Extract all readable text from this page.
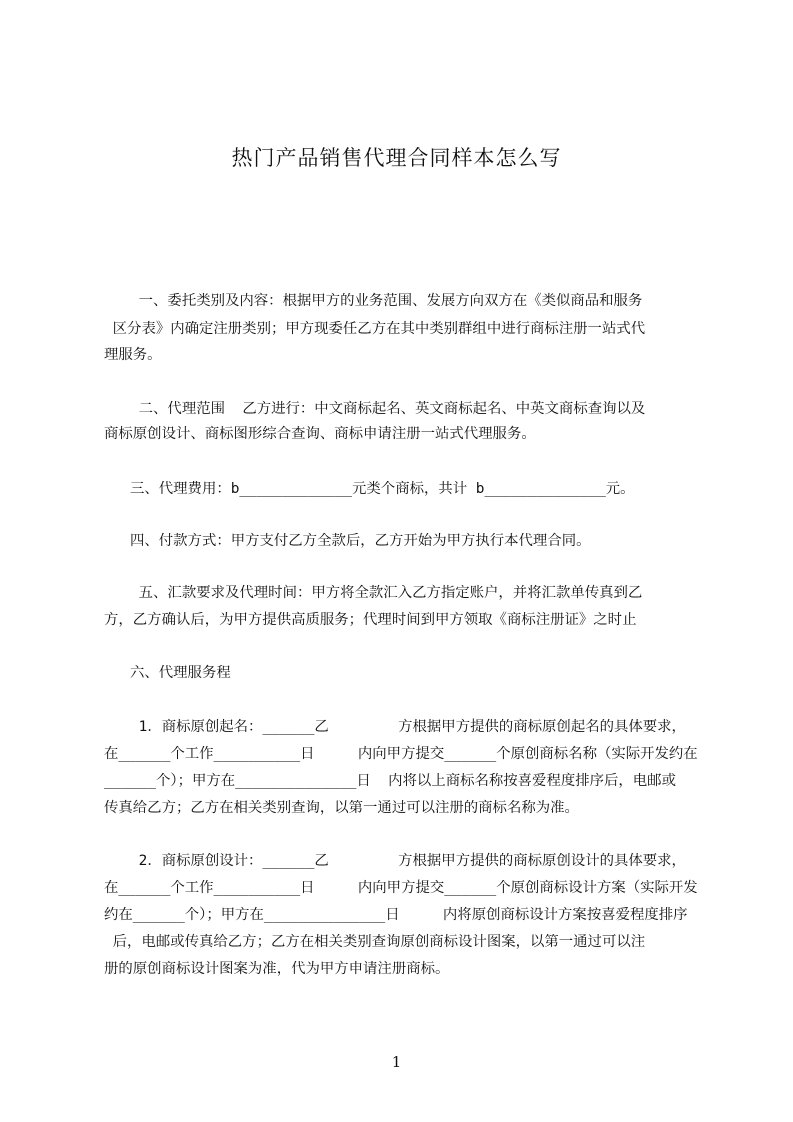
热门产品销售代理合同样本怎么写
一、委托类别及内容：根据甲方的业务范围、发展方向双方在《类似商品和服务
区分表》内确定注册类别；甲方现委任乙方在其中类别群组中进行商标注册一站式代
理服务。
二、代理范围  乙方进行：中文商标起名、英文商标起名、中英文商标查询以及
商标原创设计、商标图形综合查询、商标申请注册一站式代理服务。
三、代理费用：b_____________元类个商标，共计 b______________元。
四、付款方式：甲方支付乙方全款后，乙方开始为甲方执行本代理合同。
五、汇款要求及代理时间：甲方将全款汇入乙方指定账户，并将汇款单传真到乙
方，乙方确认后，为甲方提供高质服务；代理时间到甲方领取《商标注册证》之时止
六、代理服务程
1．商标原创起名：______乙        方根据甲方提供的商标原创起名的具体要求，
在______个工作__________日     内向甲方提交______个原创商标名称（实际开发约在
______个）；甲方在______________日  内将以上商标名称按喜爱程度排序后，电邮或
传真给乙方；乙方在相关类别查询，以第一通过可以注册的商标名称为准。
2．商标原创设计：______乙        方根据甲方提供的商标原创设计的具体要求，
在______个工作__________日     内向甲方提交______个原创商标设计方案（实际开发
约在______个）；甲方在______________日     内将原创商标设计方案按喜爱程度排序
后，电邮或传真给乙方；乙方在相关类别查询原创商标设计图案，以第一通过可以注
册的原创商标设计图案为准，代为甲方申请注册商标。
1
